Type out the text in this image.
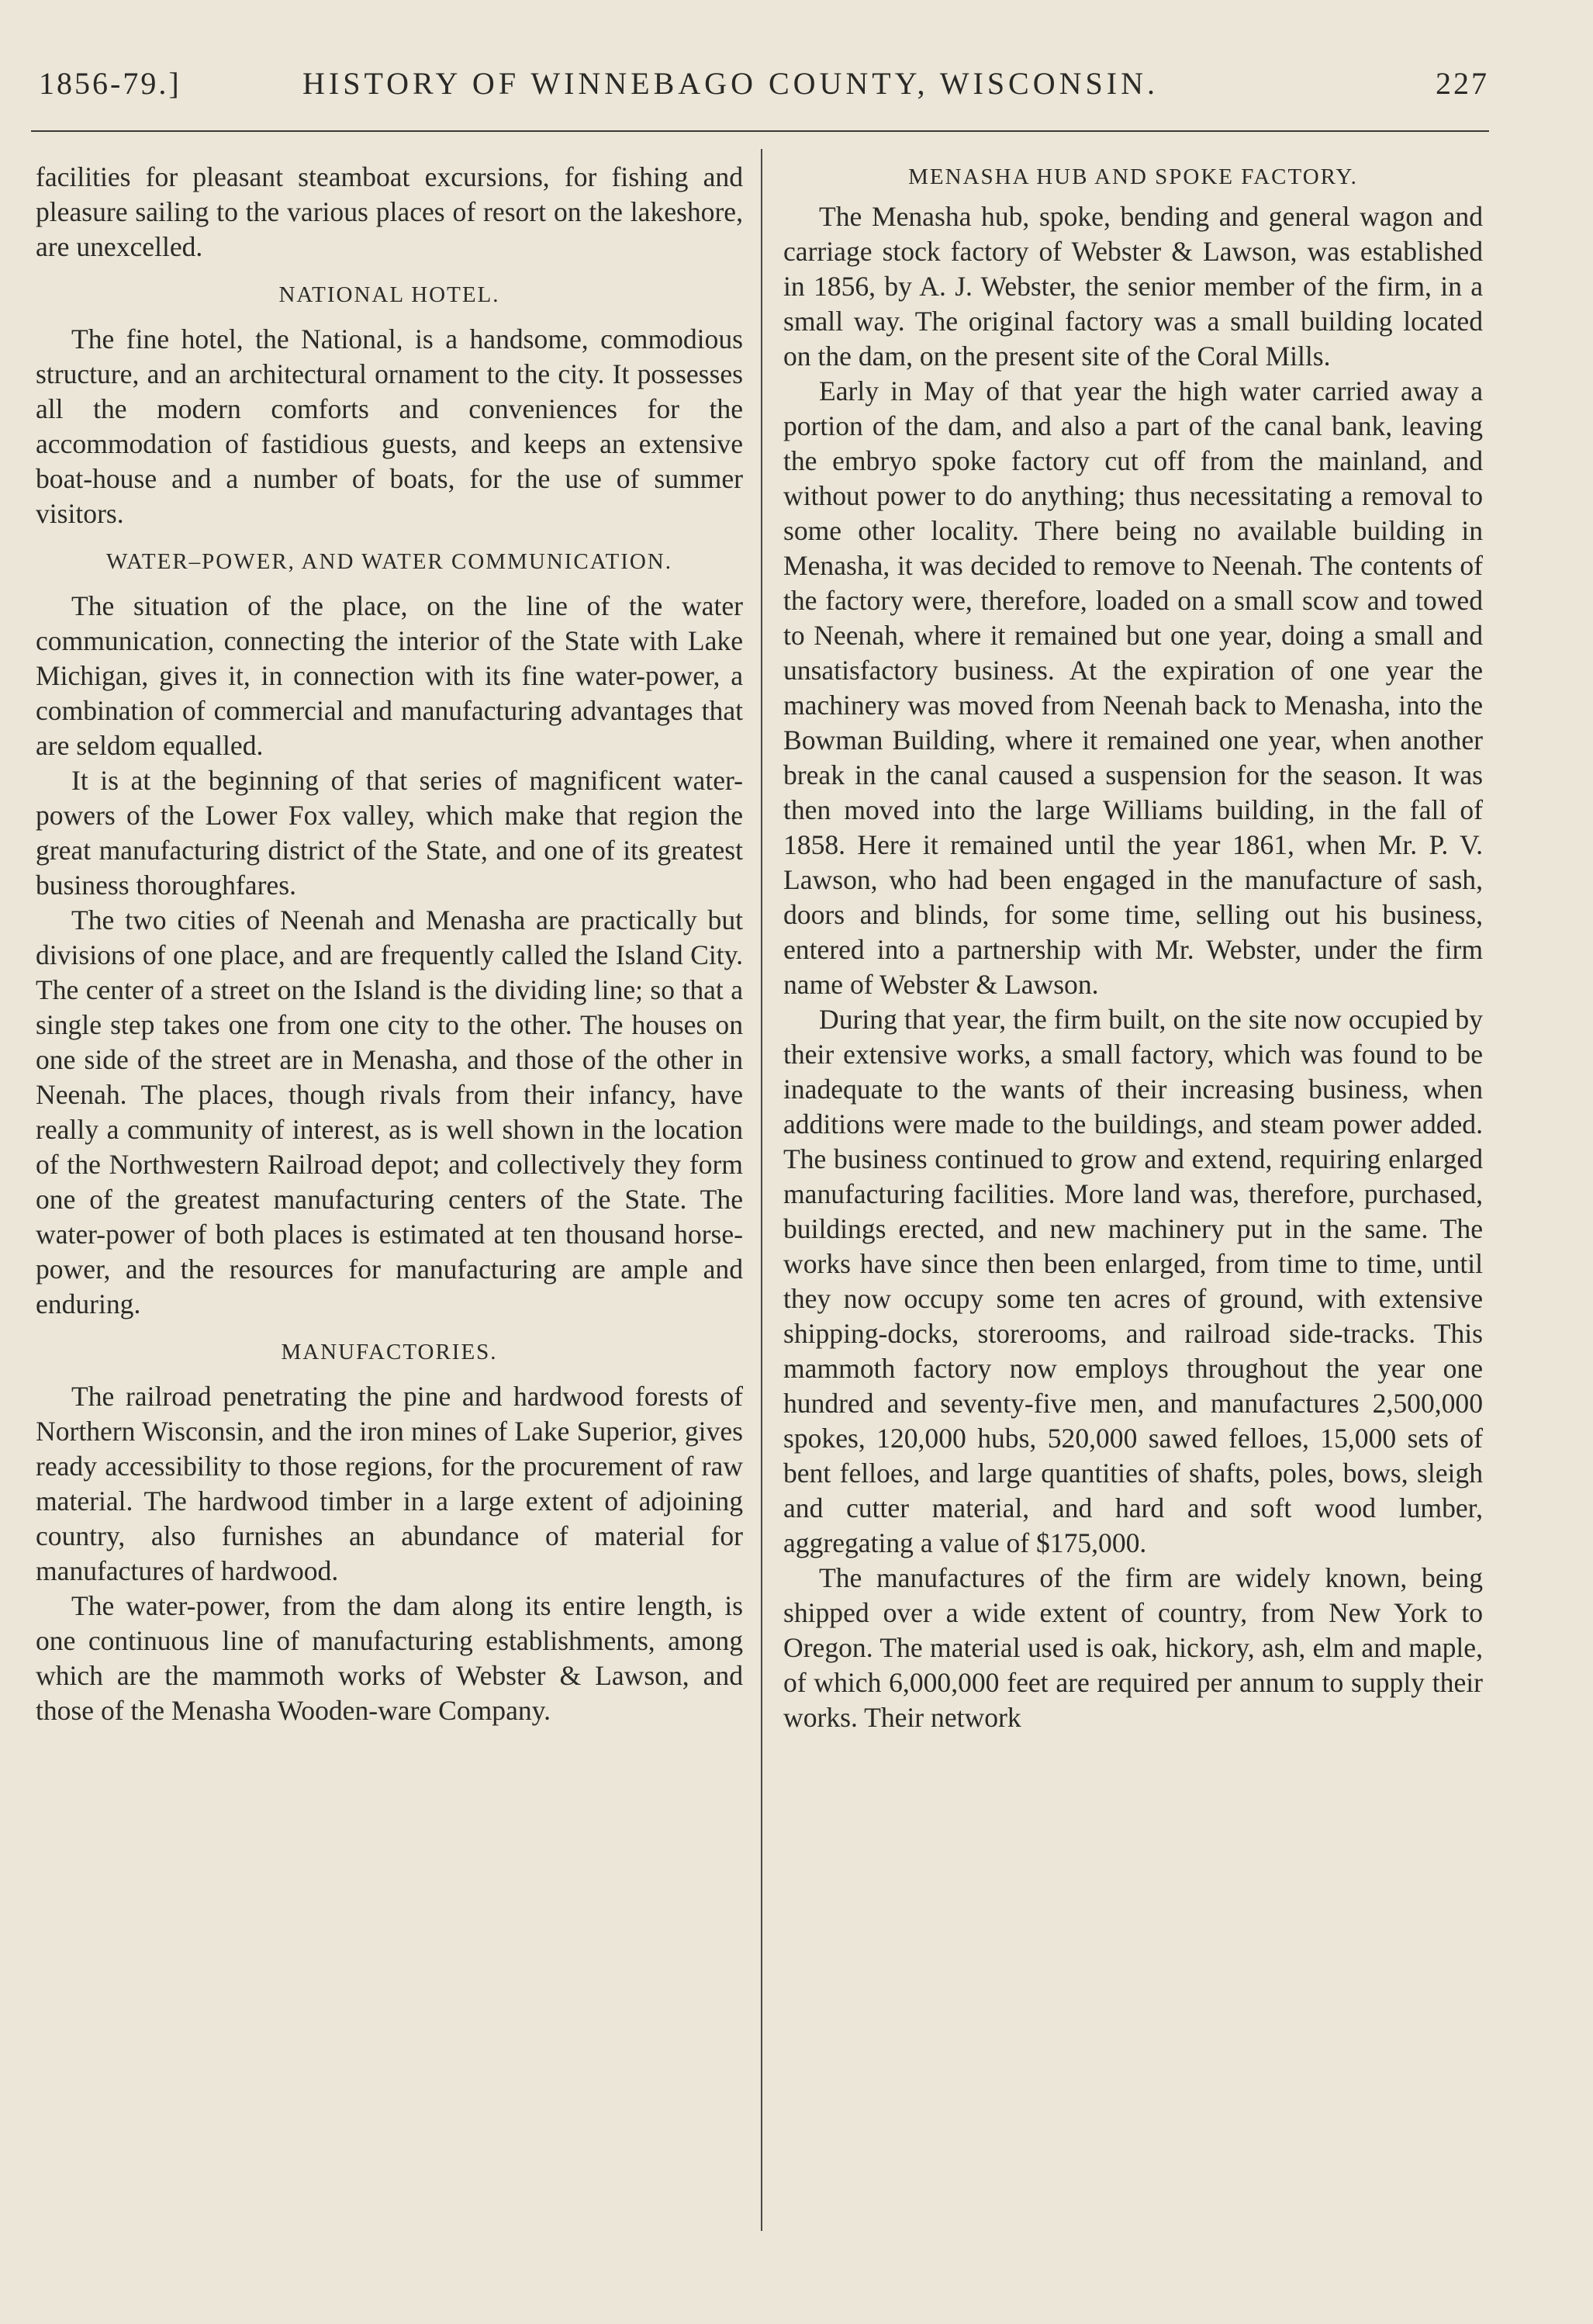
1856-79.]	HISTORY OF WINNEBAGO COUNTY, WISCONSIN.	227

facilities for pleasant steamboat excursions, for fishing and pleasure sailing to the various places of resort on the lakeshore, are unexcelled.

NATIONAL HOTEL.

The fine hotel, the National, is a handsome, commodious structure, and an architectural ornament to the city. It possesses all the modern comforts and conveniences for the accommodation of fastidious guests, and keeps an extensive boat-house and a number of boats, for the use of summer visitors.

WATER–POWER, AND WATER COMMUNICATION.

The situation of the place, on the line of the water communication, connecting the interior of the State with Lake Michigan, gives it, in connection with its fine water-power, a combination of commercial and manufacturing advantages that are seldom equalled.

It is at the beginning of that series of magnificent water-powers of the Lower Fox valley, which make that region the great manufacturing district of the State, and one of its greatest business thoroughfares.

The two cities of Neenah and Menasha are practically but divisions of one place, and are frequently called the Island City. The center of a street on the Island is the dividing line; so that a single step takes one from one city to the other. The houses on one side of the street are in Menasha, and those of the other in Neenah. The places, though rivals from their infancy, have really a community of interest, as is well shown in the location of the Northwestern Railroad depot; and collectively they form one of the greatest manufacturing centers of the State. The water-power of both places is estimated at ten thousand horse-power, and the resources for manufacturing are ample and enduring.

MANUFACTORIES.

The railroad penetrating the pine and hardwood forests of Northern Wisconsin, and the iron mines of Lake Superior, gives ready accessibility to those regions, for the procurement of raw material. The hardwood timber in a large extent of adjoining country, also furnishes an abundance of material for manufactures of hardwood.

The water-power, from the dam along its entire length, is one continuous line of manufacturing establishments, among which are the mammoth works of Webster & Lawson, and those of the Menasha Wooden-ware Company.

MENASHA HUB AND SPOKE FACTORY.

The Menasha hub, spoke, bending and general wagon and carriage stock factory of Webster & Lawson, was established in 1856, by A. J. Webster, the senior member of the firm, in a small way. The original factory was a small building located on the dam, on the present site of the Coral Mills.

Early in May of that year the high water carried away a portion of the dam, and also a part of the canal bank, leaving the embryo spoke factory cut off from the mainland, and without power to do anything; thus necessitating a removal to some other locality. There being no available building in Menasha, it was decided to remove to Neenah. The contents of the factory were, therefore, loaded on a small scow and towed to Neenah, where it remained but one year, doing a small and unsatisfactory business. At the expiration of one year the machinery was moved from Neenah back to Menasha, into the Bowman Building, where it remained one year, when another break in the canal caused a suspension for the season. It was then moved into the large Williams building, in the fall of 1858. Here it remained until the year 1861, when Mr. P. V. Lawson, who had been engaged in the manufacture of sash, doors and blinds, for some time, selling out his business, entered into a partnership with Mr. Webster, under the firm name of Webster & Lawson.

During that year, the firm built, on the site now occupied by their extensive works, a small factory, which was found to be inadequate to the wants of their increasing business, when additions were made to the buildings, and steam power added. The business continued to grow and extend, requiring enlarged manufacturing facilities. More land was, therefore, purchased, buildings erected, and new machinery put in the same. The works have since then been enlarged, from time to time, until they now occupy some ten acres of ground, with extensive shipping-docks, storerooms, and railroad side-tracks. This mammoth factory now employs throughout the year one hundred and seventy-five men, and manufactures 2,500,000 spokes, 120,000 hubs, 520,000 sawed felloes, 15,000 sets of bent felloes, and large quantities of shafts, poles, bows, sleigh and cutter material, and hard and soft wood lumber, aggregating a value of $175,000.

The manufactures of the firm are widely known, being shipped over a wide extent of country, from New York to Oregon. The material used is oak, hickory, ash, elm and maple, of which 6,000,000 feet are required per annum to supply their works. Their network
